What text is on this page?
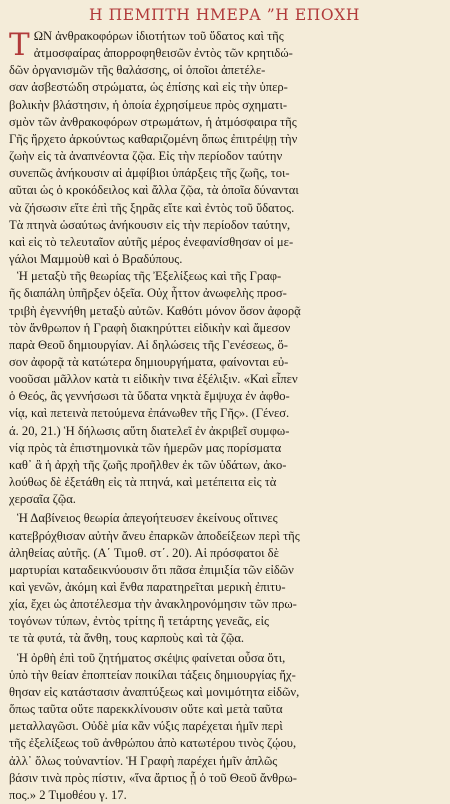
Η ΠΕΜΠΤΗ ΗΜΕΡΑ ”Η ΕΠΟΧΗ
Τ ΩΝ ἀνθρακοφόρων ἰδιοτήτων τοῦ ὕδατος καὶ τῆς
ἀτμοσφαίρας ἀπορροφηθεισῶν ἐντὸς τῶν κρητιδώ-
δῶν ὀργανισμῶν τῆς θαλάσσης, οἱ ὁποῖοι ἀπετέλε-
σαν ἀσβεστώδη στρώματα, ὡς ἐπίσης καὶ εἰς τὴν ὑπερ-
βολικὴν βλάστησιν, ἡ ὁποία ἐχρησίμευε πρὸς σχηματι-
σμὸν τῶν ἀνθρακοφόρων στρωμάτων, ἡ ἀτμόσφαιρα τῆς
Γῆς ἤρχετο ἀρκούντως καθαριζομένη ὅπως ἐπιτρέψῃ τὴν
ζωὴν εἰς τὰ ἀναπνέοντα ζῷα. Εἰς τὴν περίοδον ταύτην
συνεπῶς ἀνήκουσιν αἱ ἀμφίβιοι ὑπάρξεις τῆς ζωῆς, τοι-
αῦται ὡς ὁ κροκόδειλος καὶ ἄλλα ζῷα, τὰ ὁποῖα δύνανται
νὰ ζήσωσιν εἴτε ἐπὶ τῆς ξηρᾶς εἴτε καὶ ἐντὸς τοῦ ὕδατος.
Τὰ πτηνὰ ὡσαύτως ἀνήκουσιν εἰς τὴν περίοδον ταύτην,
καὶ εἰς τὸ τελευταῖον αὐτῆς μέρος ἐνεφανίσθησαν οἱ με-
γάλοι Μαμμοὺθ καὶ ὁ Βραδύπους.
Ἡ μεταξὺ τῆς θεωρίας τῆς Ἐξελίξεως καὶ τῆς Γραφ-
ῆς διαπάλη ὑπῆρξεν ὀξεῖα. Οὐχ ἧττον ἀνωφελὴς προσ-
τριβὴ ἐγεννήθη μεταξὺ αὐτῶν. Καθότι μόνον ὅσον ἀφορᾷ
τὸν ἄνθρωπον ἡ Γραφὴ διακηρύττει εἰδικὴν καὶ ἄμεσον
παρὰ Θεοῦ δημιουργίαν. Αἱ δηλώσεις τῆς Γενέσεως, ὅ-
σον ἀφορᾷ τὰ κατώτερα δημιουργήματα, φαίνονται εὐ-
νοοῦσαι μᾶλλον κατὰ τι εἰδικὴν τινα ἐξέλιξιν. «Καὶ εἶπεν
ὁ Θεός, ἂς γεννήσωσι τὰ ὕδατα νηκτὰ ἔμψυχα ἐν ἀφθο-
νίᾳ, καὶ πετεινὰ πετούμενα ἐπάνωθεν τῆς Γῆς». (Γένεσ.
ά. 20, 21.) Ἡ δήλωσις αὕτη διατελεῖ ἐν ἀκριβεῖ συμφω-
νίᾳ πρὸς τὰ ἐπιστημονικὰ τῶν ἡμερῶν μας πορίσματα
καθ᾽ ἃ ἡ ἀρχὴ τῆς ζωῆς προῆλθεν ἐκ τῶν ὑδάτων, ἀκο-
λούθως δὲ ἐξετάθη εἰς τὰ πτηνά, καὶ μετέπειτα εἰς τὰ
χερσαῖα ζῷα.
Ἡ Δαβίνειος θεωρία ἀπεγοήτευσεν ἐκείνους οἵτινες
κατεβρόχθισαν αὐτὴν ἄνευ ἐπαρκῶν ἀποδείξεων περὶ τῆς
ἀληθείας αὐτῆς. (Α΄ Τιμοθ. στ΄. 20). Αἱ πρόσφατοι δὲ
μαρτυρίαι καταδεικνύουσιν ὅτι πᾶσα ἐπιμιξία τῶν εἰδῶν
καὶ γενῶν, ἀκόμη καὶ ἔνθα παρατηρεῖται μερικὴ ἐπιτυ-
χία, ἔχει ὡς ἀποτέλεσμα τὴν ἀνακληρονόμησιν τῶν πρω-
τογόνων τύπων, ἐντὸς τρίτης ἢ τετάρτης γενεᾶς, εἰς
τε τὰ φυτά, τὰ ἄνθη, τους καρποὺς καὶ τὰ ζῷα.
Ἡ ὀρθὴ ἐπὶ τοῦ ζητήματος σκέψις φαίνεται οὖσα ὅτι,
ὑπὸ τὴν θείαν ἐποπτείαν ποικίλαι τάξεις δημιουργίας ἤχ-
θησαν εἰς κατάστασιν ἀναπτύξεως καὶ μονιμότητα εἰδῶν,
ὅπως ταῦτα οὔτε παρεκκλίνουσιν οὔτε καὶ μετὰ ταῦτα
μεταλλαγῶσι. Οὐδὲ μία κἂν νύξις παρέχεται ἡμῖν περὶ
τῆς ἐξελίξεως τοῦ ἀνθρώπου ἀπὸ κατωτέρου τινὸς ζῴου,
ἀλλ᾽ ὅλως τοὐναντίον. Ἡ Γραφὴ παρέχει ἡμῖν ἁπλῶς
βάσιν τινὰ πρὸς πίστιν, «ἵνα ἄρτιος ᾖ ὁ τοῦ Θεοῦ ἄνθρω-
πος.» 2 Τιμοθέου γ. 17.
